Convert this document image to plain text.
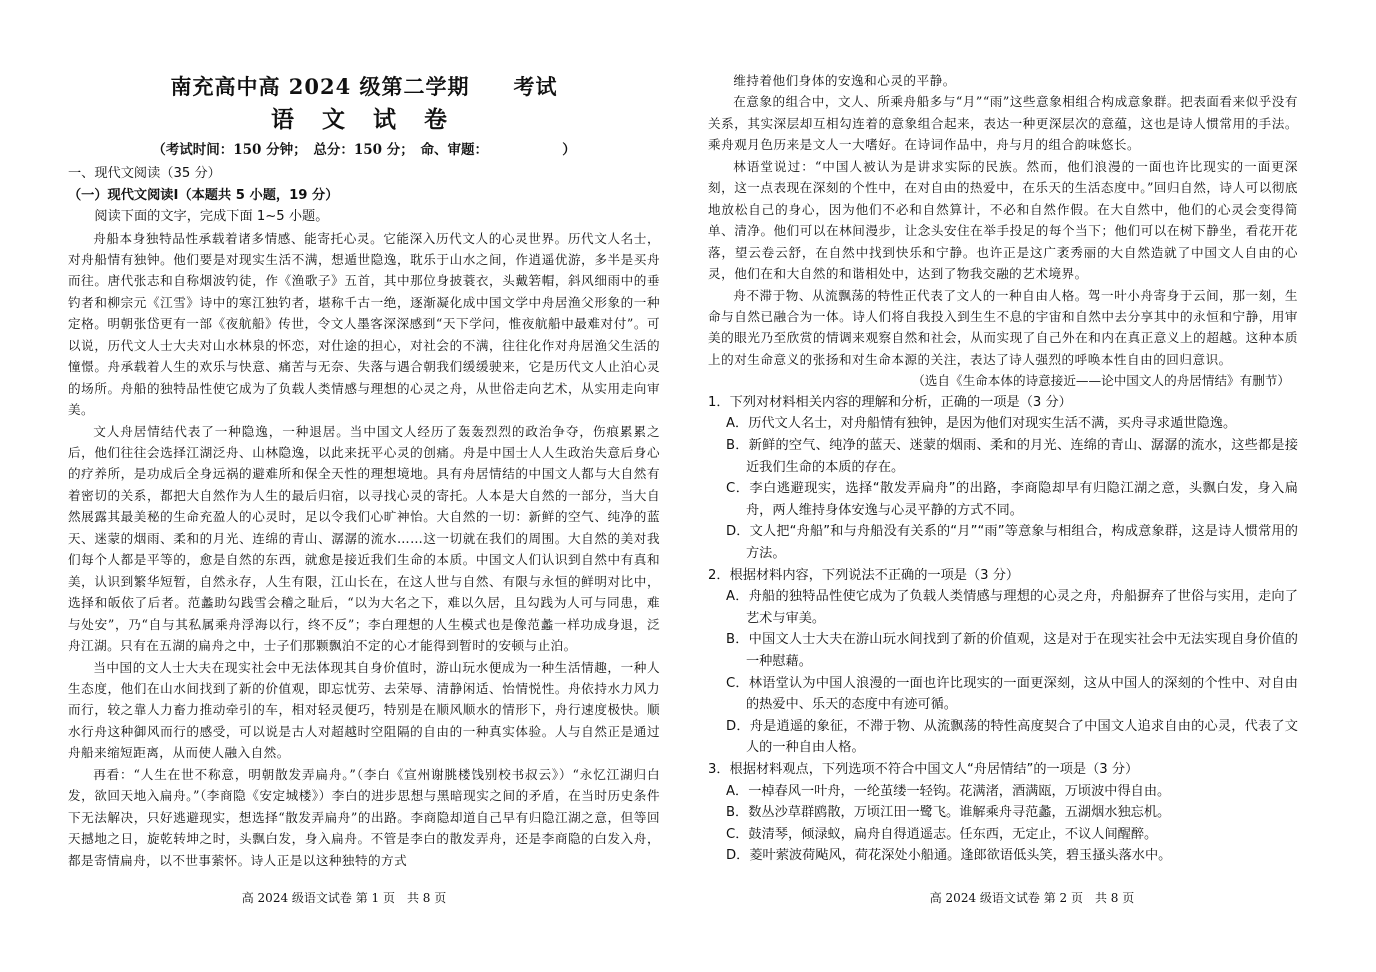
南充高中高 2024 级第二学期 考试
语 文 试 卷

（考试时间：150 分钟；　总分：150 分；　命、审题：　　　　　　）

一、现代文阅读（35 分）

（一）现代文阅读Ⅰ（本题共 5 小题，19 分）

阅读下面的文字，完成下面 1~5 小题。

舟船本身独特品性承载着诸多情感、能寄托心灵。它能深入历代文人的心灵世界。历代文人名士，对舟船情有独钟。他们要是对现实生活不满，想遁世隐逸，耽乐于山水之间，作逍遥优游，多半是买舟而往。唐代张志和自称烟波钓徒，作《渔歌子》五首，其中那位身披蓑衣，头戴箬帽，斜风细雨中的垂钓者和柳宗元《江雪》诗中的寒江独钓者，堪称千古一绝，逐渐凝化成中国文学中舟居渔父形象的一种定格。明朝张岱更有一部《夜航船》传世，令文人墨客深深感到“天下学问，惟夜航船中最难对付”。可以说，历代文人士大夫对山水林泉的怀恋，对仕途的担心，对社会的不满，往往化作对舟居渔父生活的憧憬。舟承载着人生的欢乐与快意、痛苦与无奈、失落与遇合朝我们缓缓驶来，它是历代文人止泊心灵的场所。舟船的独特品性使它成为了负载人类情感与理想的心灵之舟，从世俗走向艺术，从实用走向审美。

文人舟居情结代表了一种隐逸，一种退居。当中国文人经历了轰轰烈烈的政治争夺，伤痕累累之后，他们往往会选择江湖泛舟、山林隐逸，以此来抚平心灵的创痛。舟是中国士人人生政治失意后身心的疗养所，是功成后全身远祸的避难所和保全天性的理想境地。具有舟居情结的中国文人都与大自然有着密切的关系，都把大自然作为人生的最后归宿，以寻找心灵的寄托。人本是大自然的一部分，当大自然展露其最美秘的生命充盈人的心灵时，足以令我们心旷神怡。大自然的一切：新鲜的空气、纯净的蓝天、迷蒙的烟雨、柔和的月光、连绵的青山、潺潺的流水……这一切就在我们的周围。大自然的美对我们每个人都是平等的，愈是自然的东西，就愈是接近我们生命的本质。中国文人们认识到自然中有真和美，认识到繁华短暂，自然永存，人生有限，江山长在，在这人世与自然、有限与永恒的鲜明对比中，选择和皈依了后者。范蠡助勾践雪会稽之耻后，“以为大名之下，难以久居，且勾践为人可与同患，难与处安”，乃“自与其私属乘舟浮海以行，终不反”；李白理想的人生模式也是像范蠡一样功成身退，泛舟江湖。只有在五湖的扁舟之中，士子们那颗飘泊不定的心才能得到暂时的安顿与止泊。

当中国的文人士大夫在现实社会中无法体现其自身价值时，游山玩水便成为一种生活情趣，一种人生态度，他们在山水间找到了新的价值观，即忘忧劳、去荣辱、清静闲适、怡情悦性。舟依持水力风力而行，较之靠人力畜力推动牵引的车，相对轻灵便巧，特别是在顺风顺水的情形下，舟行速度极快。顺水行舟这种御风而行的感受，可以说是古人对超越时空阻隔的自由的一种真实体验。人与自然正是通过舟船来缩短距离，从而使人融入自然。

再看：“人生在世不称意，明朝散发弄扁舟。”（李白《宣州谢朓楼饯别校书叔云》）“永忆江湖归白发，欲回天地入扁舟。”（李商隐《安定城楼》）李白的进步思想与黑暗现实之间的矛盾，在当时历史条件下无法解决，只好逃避现实，想选择“散发弄扁舟”的出路。李商隐却道自己早有归隐江湖之意，但等回天撼地之日，旋乾转坤之时，头飘白发，身入扁舟。不管是李白的散发弄舟，还是李商隐的白发入舟，都是寄情扁舟，以不世事萦怀。诗人正是以这种独特的方式

高 2024 级语文试卷 第 1 页　共 8 页

维持着他们身体的安逸和心灵的平静。

在意象的组合中，文人、所乘舟船多与“月”“雨”这些意象相组合构成意象群。把表面看来似乎没有关系，其实深层却互相勾连着的意象组合起来，表达一种更深层次的意蕴，这也是诗人惯常用的手法。乘舟观月色历来是文人一大嗜好。在诗词作品中，舟与月的组合韵味悠长。

林语堂说过：“中国人被认为是讲求实际的民族。然而，他们浪漫的一面也许比现实的一面更深刻，这一点表现在深刻的个性中，在对自由的热爱中，在乐天的生活态度中。”回归自然，诗人可以彻底地放松自己的身心，因为他们不必和自然算计，不必和自然作假。在大自然中，他们的心灵会变得简单、清净。他们可以在林间漫步，让念头安住在举手投足的每个当下；他们可以在树下静坐，看花开花落，望云卷云舒，在自然中找到快乐和宁静。也许正是这广袤秀丽的大自然造就了中国文人自由的心灵，他们在和大自然的和谐相处中，达到了物我交融的艺术境界。

舟不滞于物、从流飘荡的特性正代表了文人的一种自由人格。驾一叶小舟寄身于云间，那一刻，生命与自然已融合为一体。诗人们将自我投入到生生不息的宇宙和自然中去分享其中的永恒和宁静，用审美的眼光乃至欣赏的情调来观察自然和社会，从而实现了自己外在和内在真正意义上的超越。这种本质上的对生命意义的张扬和对生命本源的关注，表达了诗人强烈的呼唤本性自由的回归意识。

（选自《生命本体的诗意接近——论中国文人的舟居情结》有删节）

1．下列对材料相关内容的理解和分析，正确的一项是（3 分）

A．历代文人名士，对舟船情有独钟，是因为他们对现实生活不满，买舟寻求遁世隐逸。

B．新鲜的空气、纯净的蓝天、迷蒙的烟雨、柔和的月光、连绵的青山、潺潺的流水，这些都是接近我们生命的本质的存在。

C．李白逃避现实，选择“散发弄扁舟”的出路，李商隐却早有归隐江湖之意，头飘白发，身入扁舟，两人维持身体安逸与心灵平静的方式不同。

D．文人把“舟船”和与舟船没有关系的“月”“雨”等意象与相组合，构成意象群，这是诗人惯常用的方法。

2．根据材料内容，下列说法不正确的一项是（3 分）

A．舟船的独特品性使它成为了负载人类情感与理想的心灵之舟，舟船摒弃了世俗与实用，走向了艺术与审美。

B．中国文人士大夫在游山玩水间找到了新的价值观，这是对于在现实社会中无法实现自身价值的一种慰藉。

C．林语堂认为中国人浪漫的一面也许比现实的一面更深刻，这从中国人的深刻的个性中、对自由的热爱中、乐天的态度中有迹可循。

D．舟是逍遥的象征，不滞于物、从流飘荡的特性高度契合了中国文人追求自由的心灵，代表了文人的一种自由人格。

3．根据材料观点，下列选项不符合中国文人“舟居情结”的一项是（3 分）

A．一棹春风一叶舟，一纶茧缕一轻钩。花满渚，酒满瓯，万顷波中得自由。

B．数丛沙草群鸥散，万顷江田一鹭飞。谁解乘舟寻范蠡，五湖烟水独忘机。

C．鼓清琴，倾渌蚁，扁舟自得逍遥志。任东西，无定止，不议人间醒醉。

D．菱叶萦波荷飐风，荷花深处小船通。逢郎欲语低头笑，碧玉搔头落水中。

高 2024 级语文试卷 第 2 页　共 8 页
